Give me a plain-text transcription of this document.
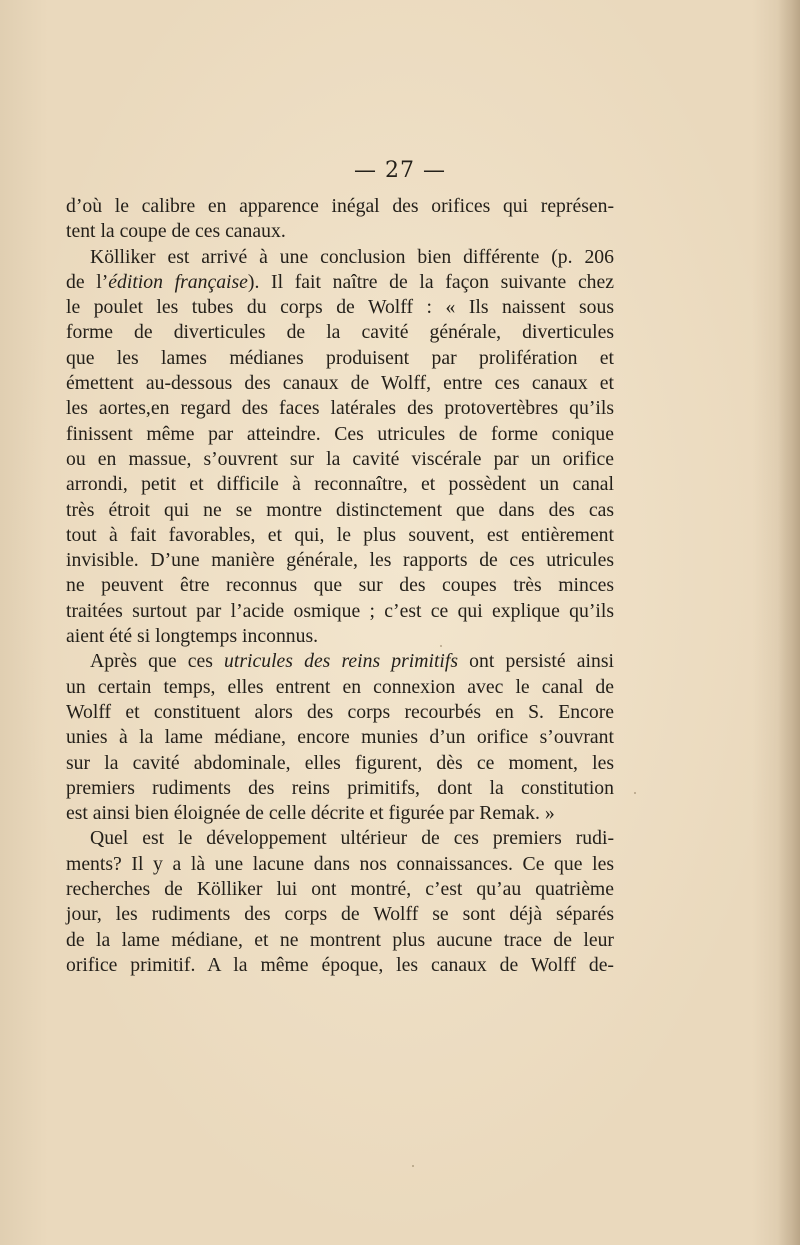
— 27 —
d’où le calibre en apparence inégal des orifices qui représen-
tent la coupe de ces canaux.
Kölliker est arrivé à une conclusion bien différente (p. 206
de l’édition française). Il fait naître de la façon suivante chez
le poulet les tubes du corps de Wolff : « Ils naissent sous
forme de diverticules de la cavité générale, diverticules
que les lames médianes produisent par prolifération et
émettent au-dessous des canaux de Wolff, entre ces canaux et
les aortes,en regard des faces latérales des protovertèbres qu’ils
finissent même par atteindre. Ces utricules de forme conique
ou en massue, s’ouvrent sur la cavité viscérale par un orifice
arrondi, petit et difficile à reconnaître, et possèdent un canal
très étroit qui ne se montre distinctement que dans des cas
tout à fait favorables, et qui, le plus souvent, est entièrement
invisible. D’une manière générale, les rapports de ces utricules
ne peuvent être reconnus que sur des coupes très minces
traitées surtout par l’acide osmique ; c’est ce qui explique qu’ils
aient été si longtemps inconnus.
Après que ces utricules des reins primitifs ont persisté ainsi
un certain temps, elles entrent en connexion avec le canal de
Wolff et constituent alors des corps recourbés en S. Encore
unies à la lame médiane, encore munies d’un orifice s’ouvrant
sur la cavité abdominale, elles figurent, dès ce moment, les
premiers rudiments des reins primitifs, dont la constitution
est ainsi bien éloignée de celle décrite et figurée par Remak. »
Quel est le développement ultérieur de ces premiers rudi-
ments? Il y a là une lacune dans nos connaissances. Ce que les
recherches de Kölliker lui ont montré, c’est qu’au quatrième
jour, les rudiments des corps de Wolff se sont déjà séparés
de la lame médiane, et ne montrent plus aucune trace de leur
orifice primitif. A la même époque, les canaux de Wolff de-
